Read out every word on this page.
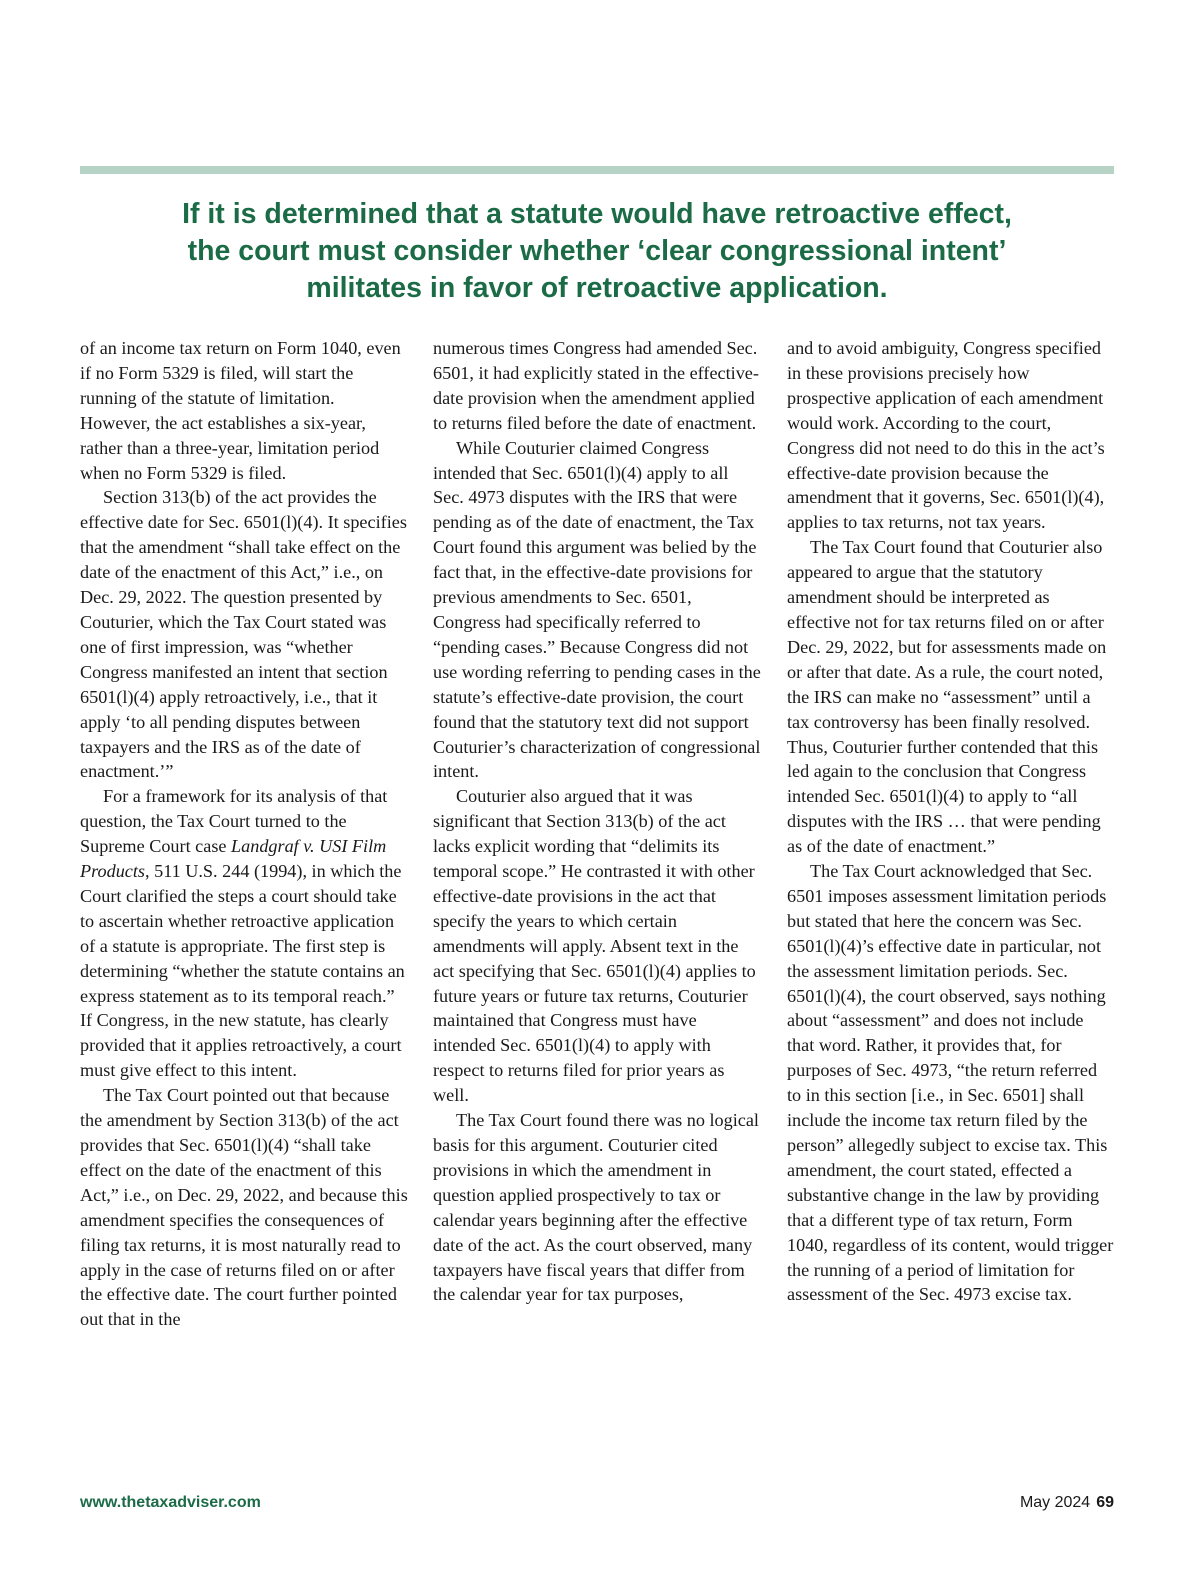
If it is determined that a statute would have retroactive effect,
the court must consider whether ‘clear congressional intent’
militates in favor of retroactive application.

of an income tax return on Form 1040, even if no Form 5329 is filed, will start the running of the statute of limitation. However, the act establishes a six-year, rather than a three-year, limitation period when no Form 5329 is filed.

Section 313(b) of the act provides the effective date for Sec. 6501(l)(4). It specifies that the amendment “shall take effect on the date of the enactment of this Act,” i.e., on Dec. 29, 2022. The question presented by Couturier, which the Tax Court stated was one of first impression, was “whether Congress manifested an intent that section 6501(l)(4) apply retroactively, i.e., that it apply ‘to all pending disputes between taxpayers and the IRS as of the date of enactment.’”

For a framework for its analysis of that question, the Tax Court turned to the Supreme Court case Landgraf v. USI Film Products, 511 U.S. 244 (1994), in which the Court clarified the steps a court should take to ascertain whether retroactive application of a statute is appropriate. The first step is determining “whether the statute contains an express statement as to its temporal reach.” If Congress, in the new statute, has clearly provided that it applies retroactively, a court must give effect to this intent.

The Tax Court pointed out that because the amendment by Section 313(b) of the act provides that Sec. 6501(l)(4) “shall take effect on the date of the enactment of this Act,” i.e., on Dec. 29, 2022, and because this amendment specifies the consequences of filing tax returns, it is most naturally read to apply in the case of returns filed on or after the effective date. The court further pointed out that in the

numerous times Congress had amended Sec. 6501, it had explicitly stated in the effective-date provision when the amendment applied to returns filed before the date of enactment.

While Couturier claimed Congress intended that Sec. 6501(l)(4) apply to all Sec. 4973 disputes with the IRS that were pending as of the date of enactment, the Tax Court found this argument was belied by the fact that, in the effective-date provisions for previous amendments to Sec. 6501, Congress had specifically referred to “pending cases.” Because Congress did not use wording referring to pending cases in the statute’s effective-date provision, the court found that the statutory text did not support Couturier’s characterization of congressional intent.

Couturier also argued that it was significant that Section 313(b) of the act lacks explicit wording that “delimits its temporal scope.” He contrasted it with other effective-date provisions in the act that specify the years to which certain amendments will apply. Absent text in the act specifying that Sec. 6501(l)(4) applies to future years or future tax returns, Couturier maintained that Congress must have intended Sec. 6501(l)(4) to apply with respect to returns filed for prior years as well.

The Tax Court found there was no logical basis for this argument. Couturier cited provisions in which the amendment in question applied prospectively to tax or calendar years beginning after the effective date of the act. As the court observed, many taxpayers have fiscal years that differ from the calendar year for tax purposes,

and to avoid ambiguity, Congress specified in these provisions precisely how prospective application of each amendment would work. According to the court, Congress did not need to do this in the act’s effective-date provision because the amendment that it governs, Sec. 6501(l)(4), applies to tax returns, not tax years.

The Tax Court found that Couturier also appeared to argue that the statutory amendment should be interpreted as effective not for tax returns filed on or after Dec. 29, 2022, but for assessments made on or after that date. As a rule, the court noted, the IRS can make no “assessment” until a tax controversy has been finally resolved. Thus, Couturier further contended that this led again to the conclusion that Congress intended Sec. 6501(l)(4) to apply to “all disputes with the IRS … that were pending as of the date of enactment.”

The Tax Court acknowledged that Sec. 6501 imposes assessment limitation periods but stated that here the concern was Sec. 6501(l)(4)’s effective date in particular, not the assessment limitation periods. Sec. 6501(l)(4), the court observed, says nothing about “assessment” and does not include that word. Rather, it provides that, for purposes of Sec. 4973, “the return referred to in this section [i.e., in Sec. 6501] shall include the income tax return filed by the person” allegedly subject to excise tax. This amendment, the court stated, effected a substantive change in the law by providing that a different type of tax return, Form 1040, regardless of its content, would trigger the running of a period of limitation for assessment of the Sec. 4973 excise tax.

www.thetaxadviser.com	May 2024 69
